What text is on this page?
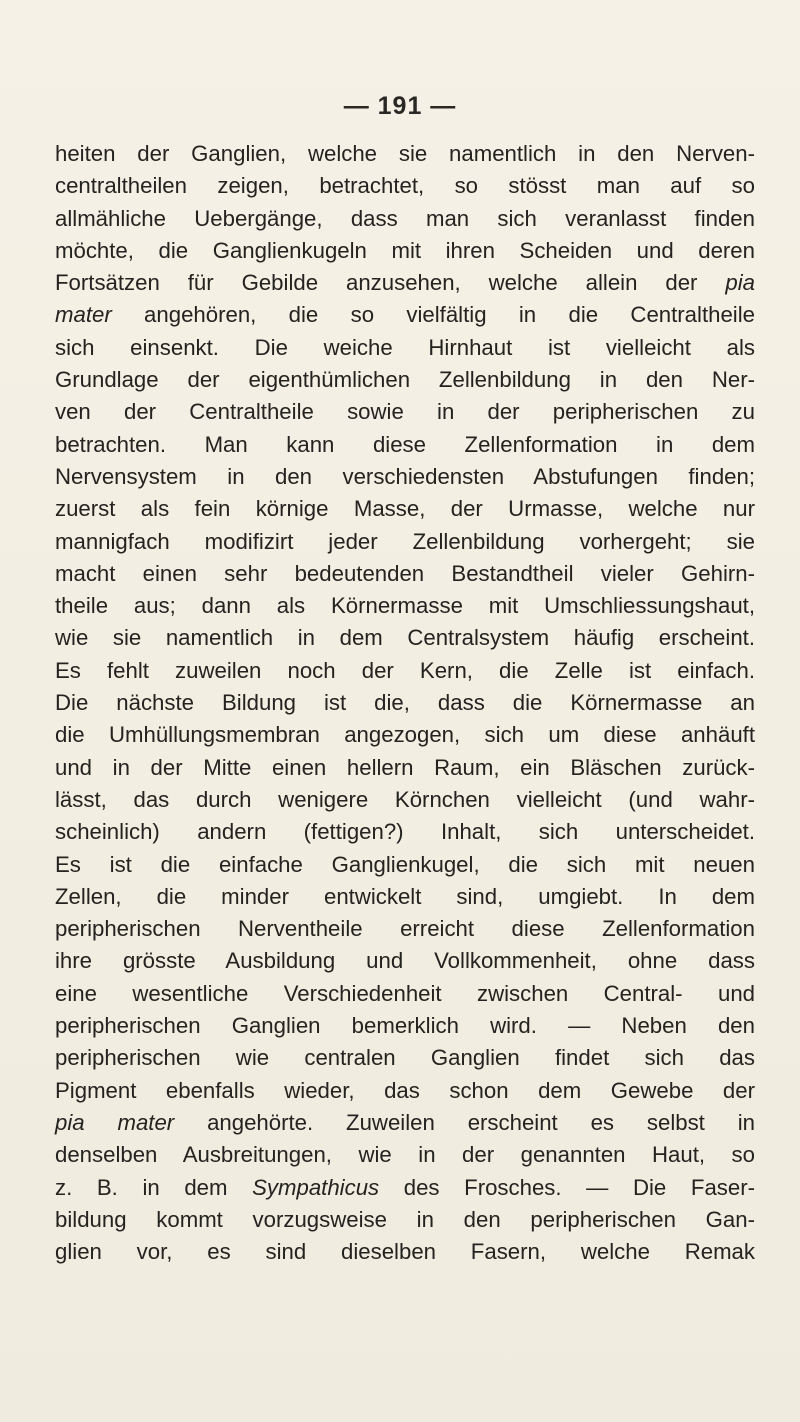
— 191 —
heiten der Ganglien, welche sie namentlich in den Nerven-
centraltheilen zeigen, betrachtet, so stösst man auf so
allmähliche Uebergänge, dass man sich veranlasst finden
möchte, die Ganglienkugeln mit ihren Scheiden und deren
Fortsätzen für Gebilde anzusehen, welche allein der pia
mater angehören, die so vielfältig in die Centraltheile
sich einsenkt. Die weiche Hirnhaut ist vielleicht als
Grundlage der eigenthümlichen Zellenbildung in den Ner-
ven der Centraltheile sowie in der peripherischen zu
betrachten. Man kann diese Zellenformation in dem
Nervensystem in den verschiedensten Abstufungen finden;
zuerst als fein körnige Masse, der Urmasse, welche nur
mannigfach modifizirt jeder Zellenbildung vorhergeht; sie
macht einen sehr bedeutenden Bestandtheil vieler Gehirn-
theile aus; dann als Körnermasse mit Umschliessungshaut,
wie sie namentlich in dem Centralsystem häufig erscheint.
Es fehlt zuweilen noch der Kern, die Zelle ist einfach.
Die nächste Bildung ist die, dass die Körnermasse an
die Umhüllungsmembran angezogen, sich um diese anhäuft
und in der Mitte einen hellern Raum, ein Bläschen zurück-
lässt, das durch wenigere Körnchen vielleicht (und wahr-
scheinlich) andern (fettigen?) Inhalt, sich unterscheidet.
Es ist die einfache Ganglienkugel, die sich mit neuen
Zellen, die minder entwickelt sind, umgiebt. In dem
peripherischen Nerventheile erreicht diese Zellenformation
ihre grösste Ausbildung und Vollkommenheit, ohne dass
eine wesentliche Verschiedenheit zwischen Central- und
peripherischen Ganglien bemerklich wird. — Neben den
peripherischen wie centralen Ganglien findet sich das
Pigment ebenfalls wieder, das schon dem Gewebe der
pia mater angehörte. Zuweilen erscheint es selbst in
denselben Ausbreitungen, wie in der genannten Haut, so
z. B. in dem Sympathicus des Frosches. — Die Faser-
bildung kommt vorzugsweise in den peripherischen Gan-
glien vor, es sind dieselben Fasern, welche Remak
